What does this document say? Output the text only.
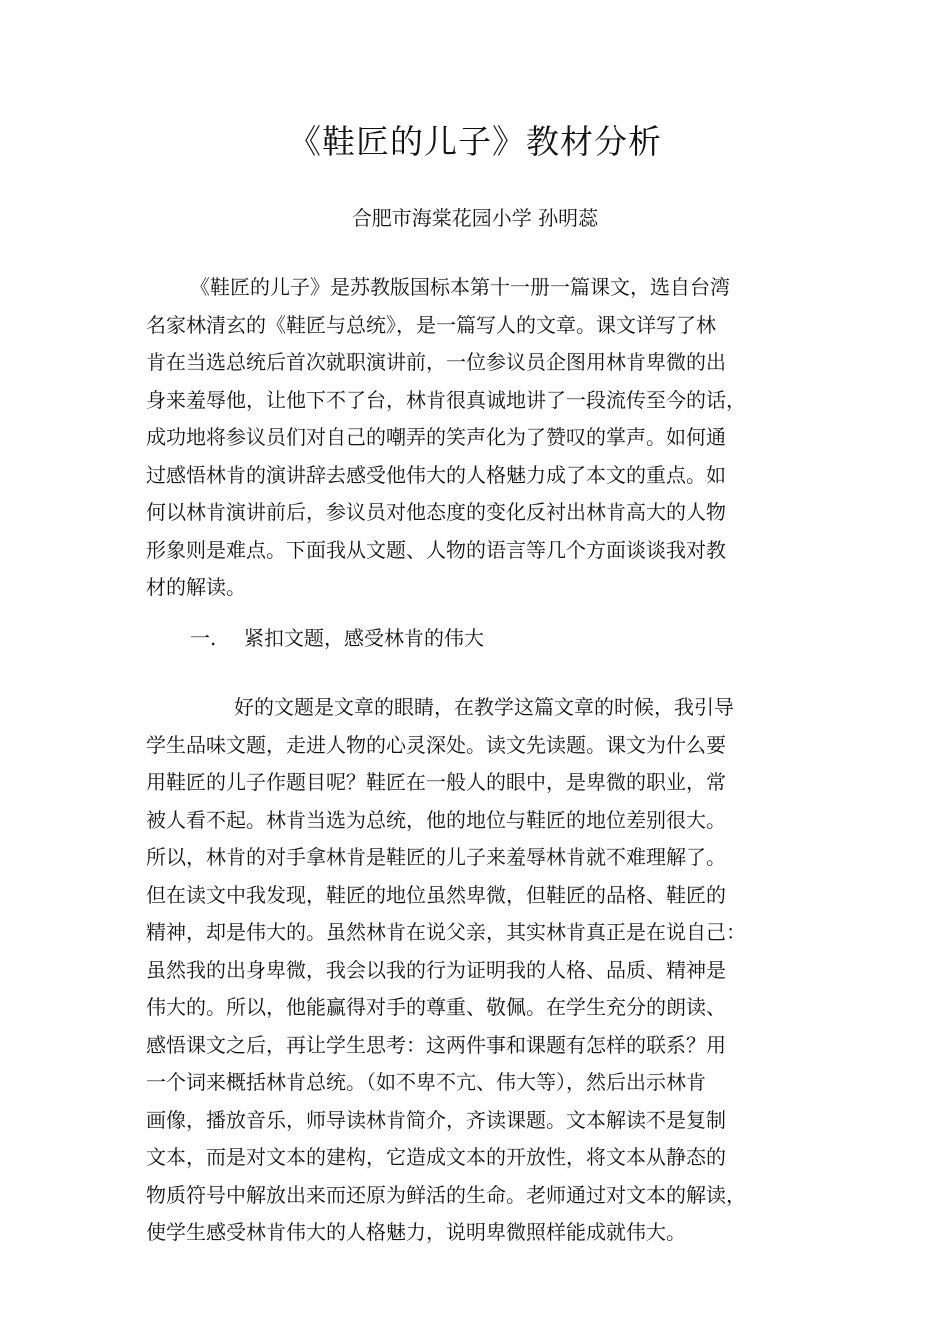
《鞋匠的儿子》教材分析
合肥市海棠花园小学 孙明蕊
《鞋匠的儿子》是苏教版国标本第十一册一篇课文，选自台湾
名家林清玄的《鞋匠与总统》，是一篇写人的文章。课文详写了林
肯在当选总统后首次就职演讲前，一位参议员企图用林肯卑微的出
身来羞辱他，让他下不了台，林肯很真诚地讲了一段流传至今的话，
成功地将参议员们对自己的嘲弄的笑声化为了赞叹的掌声。如何通
过感悟林肯的演讲辞去感受他伟大的人格魅力成了本文的重点。如
何以林肯演讲前后，参议员对他态度的变化反衬出林肯高大的人物
形象则是难点。下面我从文题、人物的语言等几个方面谈谈我对教
材的解读。
一. 紧扣文题，感受林肯的伟大
好的文题是文章的眼睛，在教学这篇文章的时候，我引导
学生品味文题，走进人物的心灵深处。读文先读题。课文为什么要
用鞋匠的儿子作题目呢？鞋匠在一般人的眼中，是卑微的职业，常
被人看不起。林肯当选为总统，他的地位与鞋匠的地位差别很大。
所以，林肯的对手拿林肯是鞋匠的儿子来羞辱林肯就不难理解了。
但在读文中我发现，鞋匠的地位虽然卑微，但鞋匠的品格、鞋匠的
精神，却是伟大的。虽然林肯在说父亲，其实林肯真正是在说自己：
虽然我的出身卑微，我会以我的行为证明我的人格、品质、精神是
伟大的。所以，他能赢得对手的尊重、敬佩。在学生充分的朗读、
感悟课文之后，再让学生思考：这两件事和课题有怎样的联系？用
一个词来概括林肯总统。（如不卑不亢、伟大等），然后出示林肯
画像，播放音乐，师导读林肯简介，齐读课题。文本解读不是复制
文本，而是对文本的建构，它造成文本的开放性，将文本从静态的
物质符号中解放出来而还原为鲜活的生命。老师通过对文本的解读，
使学生感受林肯伟大的人格魅力，说明卑微照样能成就伟大。
